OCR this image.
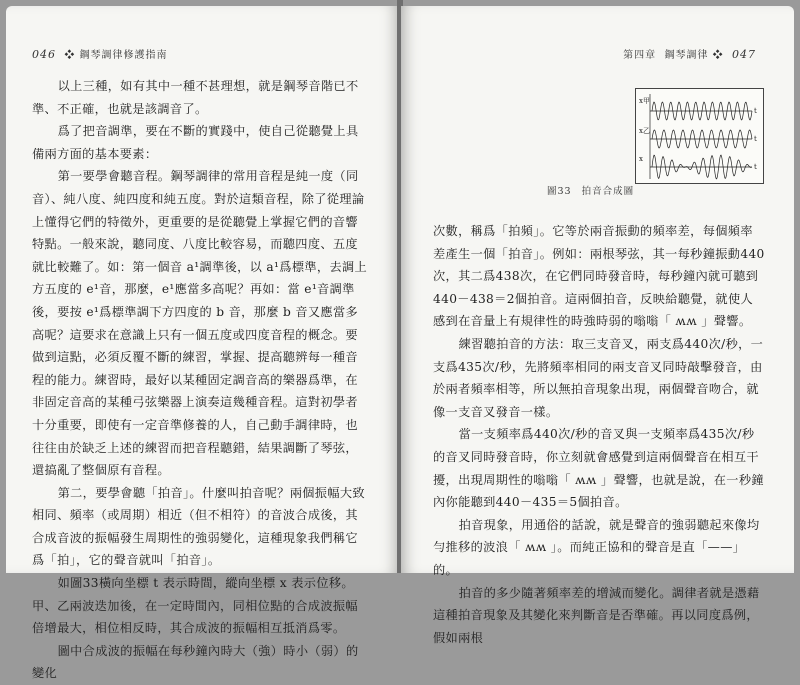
046 ❖ 鋼琴調律修護指南

以上三種，如有其中一種不甚理想，就是鋼琴音階已不準、不正確，也就是該調音了。

爲了把音調準，要在不斷的實踐中，使自己從聽覺上具備兩方面的基本要素：

第一要學會聽音程。鋼琴調律的常用音程是純一度（同音）、純八度、純四度和純五度。對於這類音程，除了從理論上懂得它們的特徵外，更重要的是從聽覺上掌握它們的音響特點。一般來說，聽同度、八度比較容易，而聽四度、五度就比較難了。如：第一個音 a¹調準後，以 a¹爲標準，去調上方五度的 e¹音，那麼，e¹應當多高呢？再如：當 e¹音調準後，要按 e¹爲標準調下方四度的 b 音，那麼 b 音又應當多高呢？這要求在意識上只有一個五度或四度音程的概念。要做到這點，必須反覆不斷的練習，掌握、提高聽辨每一種音程的能力。練習時，最好以某種固定調音高的樂器爲準，在非固定音高的某種弓弦樂器上演奏這幾種音程。這對初學者十分重要，即使有一定音準修養的人，自己動手調律時，也往往由於缺乏上述的練習而把音程聽錯，結果調斷了琴弦，還搞亂了整個原有音程。

第二，要學會聽「拍音」。什麼叫拍音呢？兩個振幅大致相同、頻率（或周期）相近（但不相符）的音波合成後，其合成音波的振幅發生周期性的強弱變化，這種現象我們稱它爲「拍」，它的聲音就叫「拍音」。

如圖33橫向坐標 t 表示時間，縱向坐標 x 表示位移。甲、乙兩波迭加後，在一定時間內，同相位點的合成波振幅倍增最大，相位相反時，其合成波的振幅相互抵消爲零。

圖中合成波的振幅在每秒鐘內時大（強）時小（弱）的變化

第四章 鋼琴調律 ❖ 047
x甲
x乙
x
t
t
t
圖33 拍音合成圖

次數，稱爲「拍頻」。它等於兩音振動的頻率差，每個頻率差產生一個「拍音」。例如：兩根琴弦，其一每秒鐘振動440次，其二爲438次，在它們同時發音時，每秒鐘內就可聽到440－438＝2個拍音。這兩個拍音，反映給聽覺，就使人感到在音量上有規律性的時強時弱的嗡嗡「 ʍʍ 」聲響。

練習聽拍音的方法：取三支音叉，兩支爲440次/秒，一支爲435次/秒，先將頻率相同的兩支音叉同時敲擊發音，由於兩者頻率相等，所以無拍音現象出現，兩個聲音吻合，就像一支音叉發音一樣。

當一支頻率爲440次/秒的音叉與一支頻率爲435次/秒的音叉同時發音時，你立刻就會感覺到這兩個聲音在相互干擾，出現周期性的嗡嗡「 ʍʍ 」聲響，也就是說，在一秒鐘內你能聽到440－435＝5個拍音。

拍音現象，用通俗的話說，就是聲音的強弱聽起來像均勻推移的波浪「 ʍʍ 」。而純正協和的聲音是直「——」的。

拍音的多少隨著頻率差的增減而變化。調律者就是憑藉這種拍音現象及其變化來判斷音是否準確。再以同度爲例，假如兩根
